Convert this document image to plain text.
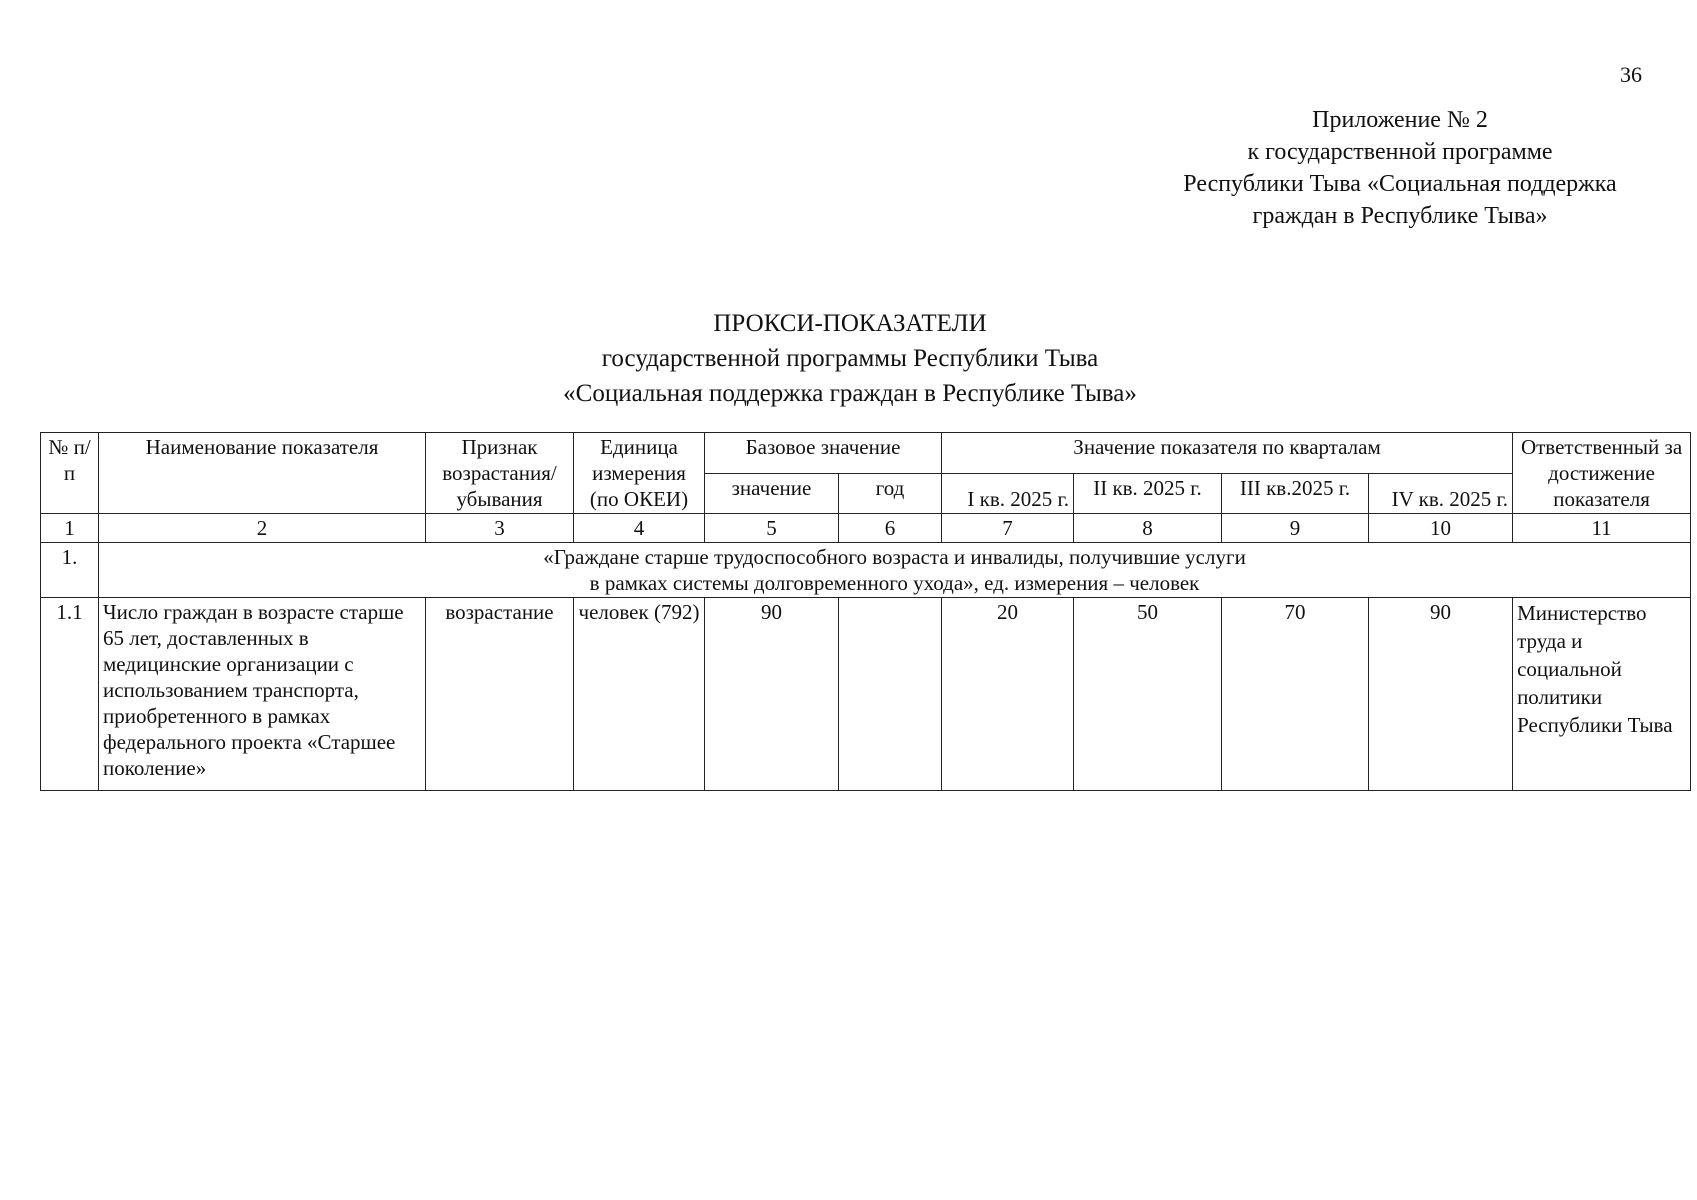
36
Приложение № 2
к государственной программе
Республики Тыва «Социальная поддержка
граждан в Республике Тыва»
ПРОКСИ-ПОКАЗАТЕЛИ
государственной программы Республики Тыва
«Социальная поддержка граждан в Республике Тыва»
№ п/п	Наименование показателя	Признак возрастания/ убывания	Единица измерения (по ОКЕИ)	Базовое значение		Значение показателя по кварталам				Ответственный за достижение показателя
				значение	год	I кв. 2025 г.	II кв. 2025 г.	III кв.2025 г.	IV кв. 2025 г.	
1	2	3	4	5	6	7	8	9	10	11
1.	«Граждане старше трудоспособного возраста и инвалиды, получившие услуги
в рамках системы долговременного ухода», ед. измерения – человек									

1.1	Число граждан в возрасте старше 65 лет, доставленных в медицинские организации с использованием транспорта, приобретенного в рамках федерального проекта «Старшее поколение»	возрастание	человек (792)	90		20	50	70	90	Министерство труда и социальной политики Республики Тыва
